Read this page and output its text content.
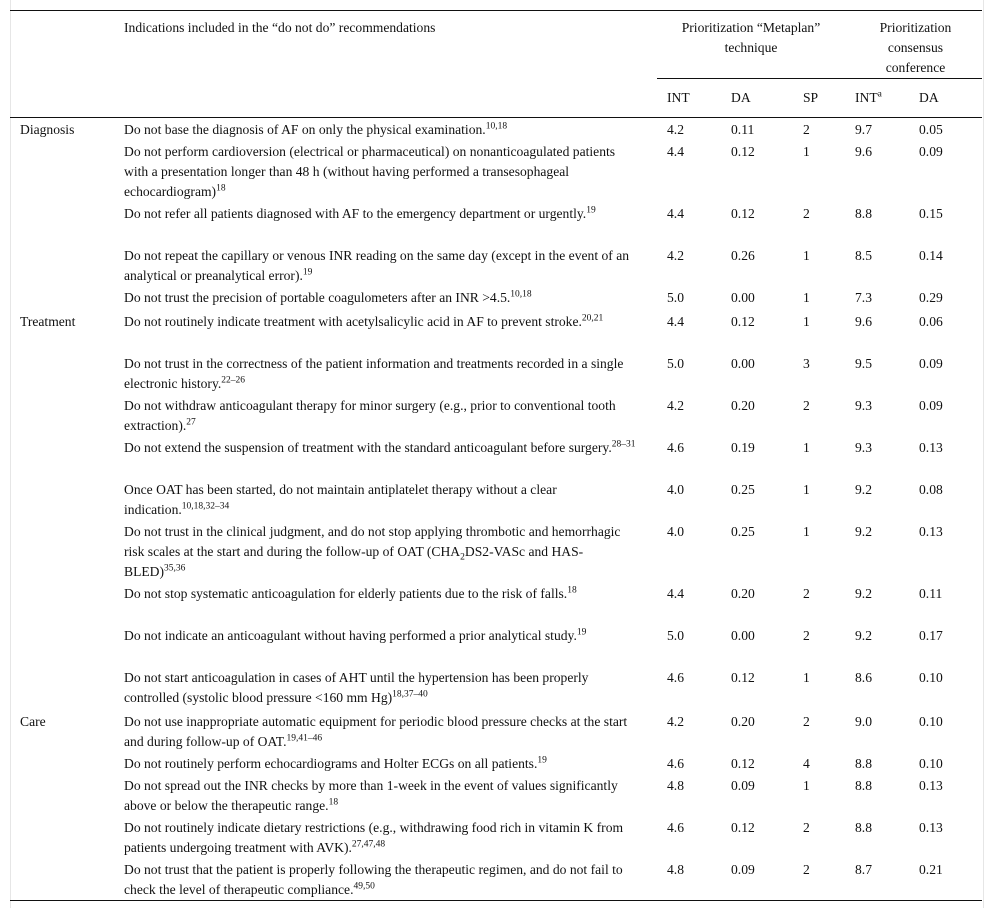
	Indications included in the “do not do” recommendations	Prioritization “Metaplan” technique			Prioritization consensus conference	
		INT	DA	SP	INT$^a$	DA
Diagnosis	Do not base the diagnosis of AF on only the physical examination.$^{10,18}$	4.2	0.11	2	9.7	0.05
	Do not perform cardioversion (electrical or pharmaceutical) on nonanticoagulated patients with a presentation longer than 48 h (without having performed a transesophageal echocardiogram)$^{18}$	4.4	0.12	1	9.6	0.09
	Do not refer all patients diagnosed with AF to the emergency department or urgently.$^{19}$	4.4	0.12	2	8.8	0.15
	Do not repeat the capillary or venous INR reading on the same day (except in the event of an analytical or preanalytical error).$^{19}$	4.2	0.26	1	8.5	0.14
	Do not trust the precision of portable coagulometers after an INR >4.5.$^{10,18}$	5.0	0.00	1	7.3	0.29
Treatment	Do not routinely indicate treatment with acetylsalicylic acid in AF to prevent stroke.$^{20,21}$	4.4	0.12	1	9.6	0.06
	Do not trust in the correctness of the patient information and treatments recorded in a single electronic history.$^{22-26}$	5.0	0.00	3	9.5	0.09
	Do not withdraw anticoagulant therapy for minor surgery (e.g., prior to conventional tooth extraction).$^{27}$	4.2	0.20	2	9.3	0.09
	Do not extend the suspension of treatment with the standard anticoagulant before surgery.$^{28-31}$	4.6	0.19	1	9.3	0.13
	Once OAT has been started, do not maintain antiplatelet therapy without a clear indication.$^{10,18,32-34}$	4.0	0.25	1	9.2	0.08
	Do not trust in the clinical judgment, and do not stop applying thrombotic and hemorrhagic risk scales at the start and during the follow-up of OAT ($CHA_2DS2$-VASc and HAS-BLED)$^{35,36}$	4.0	0.25	1	9.2	0.13
	Do not stop systematic anticoagulation for elderly patients due to the risk of falls.$^{18}$	4.4	0.20	2	9.2	0.11
	Do not indicate an anticoagulant without having performed a prior analytical study.$^{19}$	5.0	0.00	2	9.2	0.17
	Do not start anticoagulation in cases of AHT until the hypertension has been properly controlled (systolic blood pressure <160 mm Hg)$^{18,37-40}$	4.6	0.12	1	8.6	0.10
Care	Do not use inappropriate automatic equipment for periodic blood pressure checks at the start and during follow-up of OAT.$^{19,41-46}$	4.2	0.20	2	9.0	0.10
	Do not routinely perform echocardiograms and Holter ECGs on all patients.$^{19}$	4.6	0.12	4	8.8	0.10
	Do not spread out the INR checks by more than 1-week in the event of values significantly above or below the therapeutic range.$^{18}$	4.8	0.09	1	8.8	0.13
	Do not routinely indicate dietary restrictions (e.g., withdrawing food rich in vitamin K from patients undergoing treatment with AVK).$^{27,47,48}$	4.6	0.12	2	8.8	0.13
	Do not trust that the patient is properly following the therapeutic regimen, and do not fail to check the level of therapeutic compliance.$^{49,50}$	4.8	0.09	2	8.7	0.21
